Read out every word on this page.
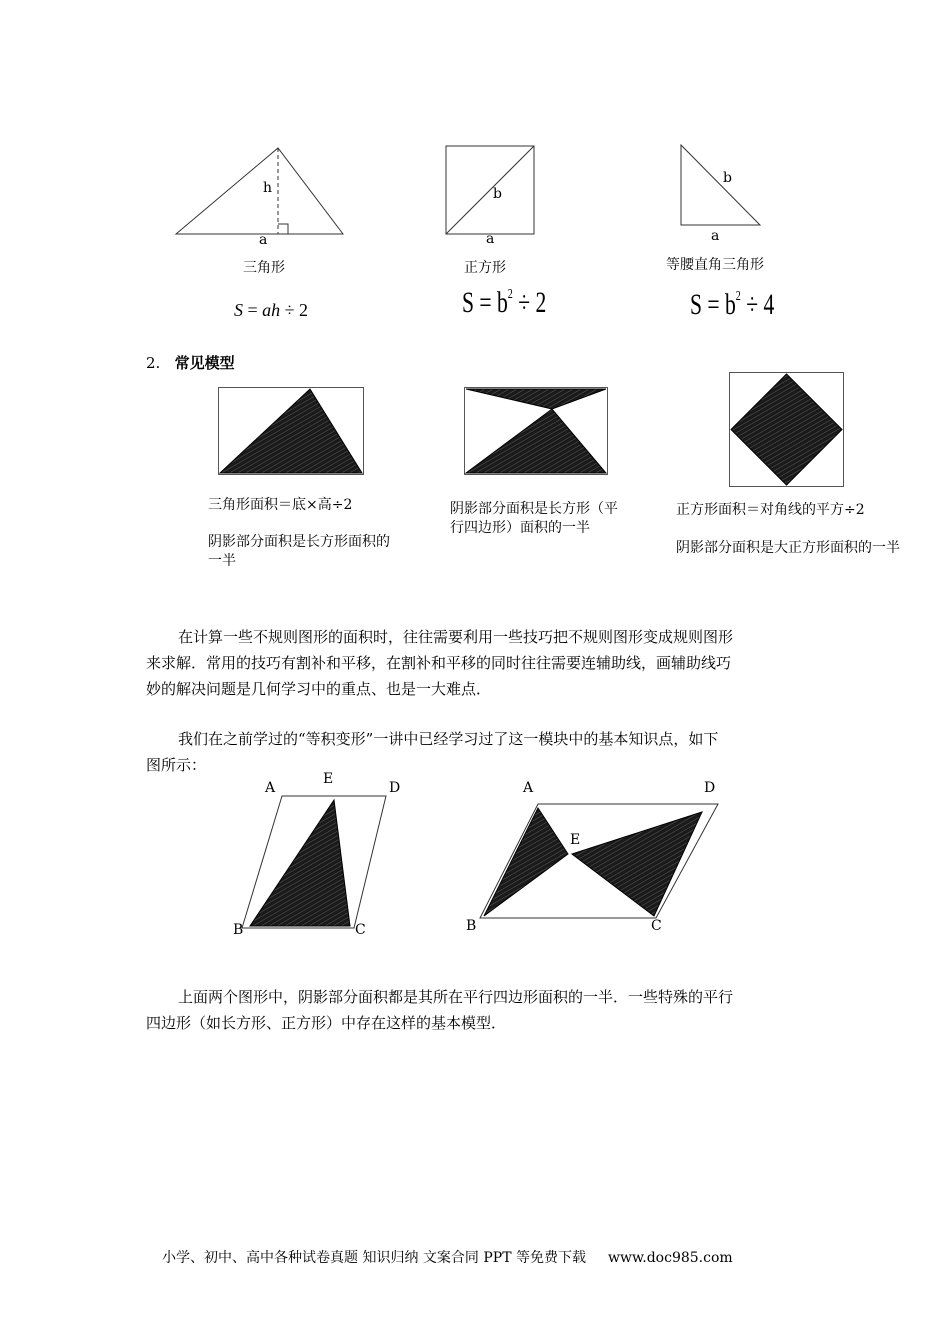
h
a
三角形
S = ah ÷ 2
b
a
正方形
$S = b^2 \div 2$
b
a
等腰直角三角形
$S = b^2 \div 4$
2. 常见模型
三角形面积＝底×高÷2
阴影部分面积是长方形面积的
一半
阴影部分面积是长方形（平
行四边形）面积的一半
正方形面积＝对角线的平方÷2
阴影部分面积是大正方形面积的一半
在计算一些不规则图形的面积时，往往需要利用一些技巧把不规则图形变成规则图形
来求解．常用的技巧有割补和平移，在割补和平移的同时往往需要连辅助线，画辅助线巧
妙的解决问题是几何学习中的重点、也是一大难点．
我们在之前学过的“等积变形”一讲中已经学习过了这一模块中的基本知识点，如下
图所示：
A
E
D
B	C
A	D
E
B	C
上面两个图形中，阴影部分面积都是其所在平行四边形面积的一半．一些特殊的平行
四边形（如长方形、正方形）中存在这样的基本模型．
小学、初中、高中各种试卷真题 知识归纳 文案合同 PPT 等免费下载 www.doc985.com
